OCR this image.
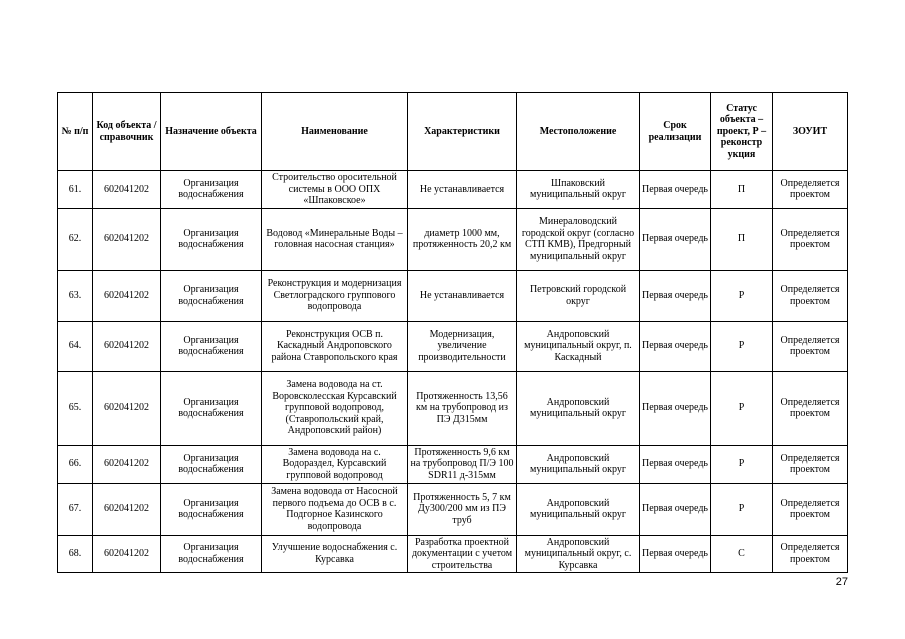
№ п/п	Код объекта / справочник	Назначение объекта	Наименование	Характеристики	Местоположение	Срок реализации	Статус объекта – проект, Р – реконстр укция	ЗОУИТ
61.	602041202	Организация водоснабжения	Строительство оросительной системы в ООО ОПХ «Шпаковское»	Не устанавливается	Шпаковский муниципальный округ	Первая очередь	П	Определяется проектом
62.	602041202	Организация водоснабжения	Водовод «Минеральные Воды – головная насосная станция»	диаметр 1000 мм, протяженность 20,2 км	Минераловодский городской округ (согласно СТП КМВ), Предгорный муниципальный округ	Первая очередь	П	Определяется проектом
63.	602041202	Организация водоснабжения	Реконструкция и модернизация Светлоградского группового водопровода	Не устанавливается	Петровский городской округ	Первая очередь	Р	Определяется проектом
64.	602041202	Организация водоснабжения	Реконструкция ОСВ п. Каскадный Андроповского района Ставропольского края	Модернизация, увеличение производительности	Андроповский муниципальный округ, п. Каскадный	Первая очередь	Р	Определяется проектом
65.	602041202	Организация водоснабжения	Замена водовода на ст. Воровсколесская Курсавский групповой водопровод, (Ставропольский край, Андроповский район)	Протяженность 13,56 км на трубопровод из ПЭ Д315мм	Андроповский муниципальный округ	Первая очередь	Р	Определяется проектом
66.	602041202	Организация водоснабжения	Замена водовода на с. Водораздел, Курсавский групповой водопровод	Протяженность 9,6 км на трубопровод П/Э 100 SDR11 д-315мм	Андроповский муниципальный округ	Первая очередь	Р	Определяется проектом
67.	602041202	Организация водоснабжения	Замена водовода от Насосной первого подъема до ОСВ в с. Подгорное Казинского водопровода	Протяженность 5, 7 км Ду300/200 мм из ПЭ труб	Андроповский муниципальный округ	Первая очередь	Р	Определяется проектом
68.	602041202	Организация водоснабжения	Улучшение водоснабжения с. Курсавка	Разработка проектной документации с учетом строительства	Андроповский муниципальный округ, с. Курсавка	Первая очередь	С	Определяется проектом
27
